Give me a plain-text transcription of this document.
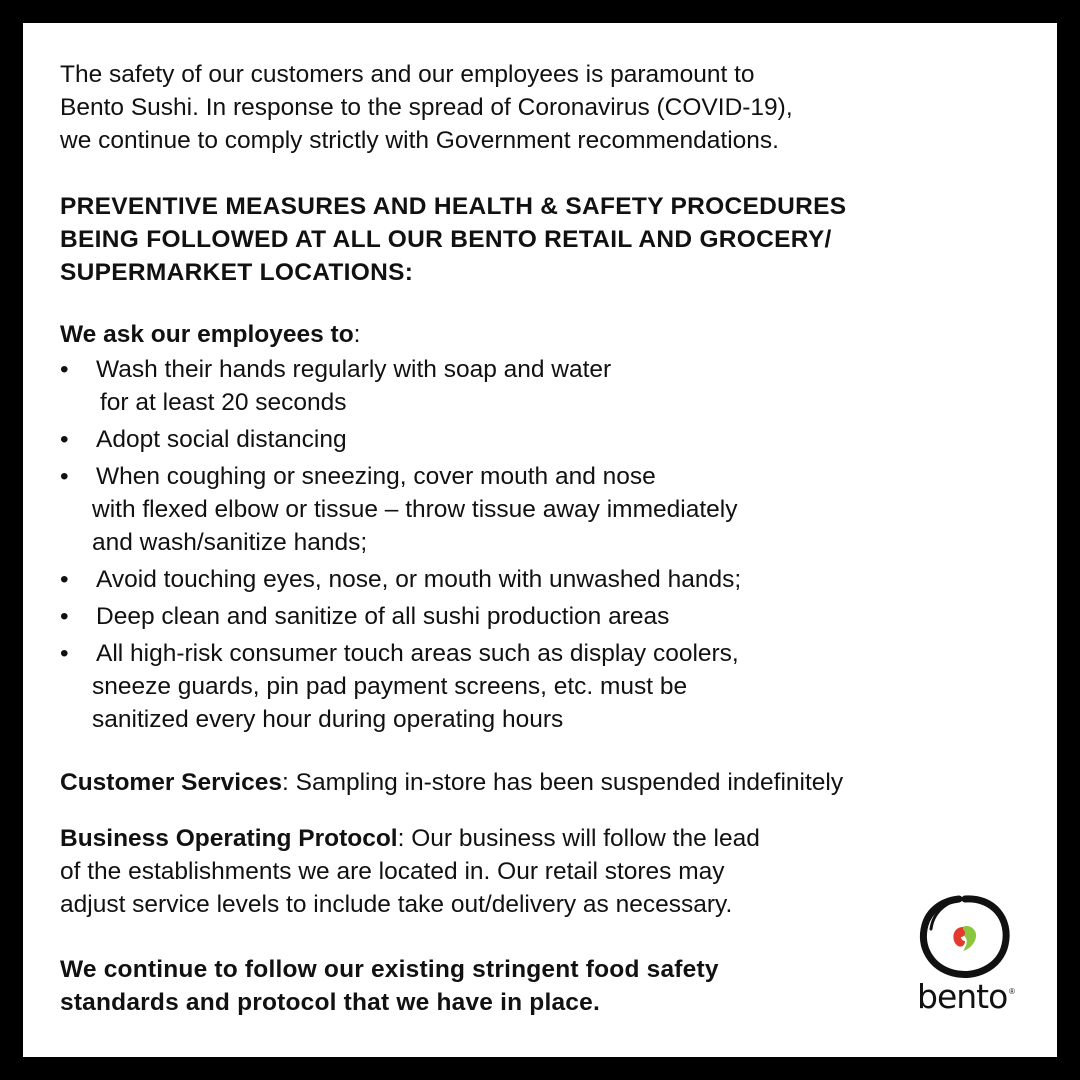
The safety of our customers and our employees is paramount to
Bento Sushi. In response to the spread of Coronavirus (COVID-19),
we continue to comply strictly with Government recommendations.

PREVENTIVE MEASURES AND HEALTH & SAFETY PROCEDURES
BEING FOLLOWED AT ALL OUR BENTO RETAIL AND GROCERY/
SUPERMARKET LOCATIONS:

We ask our employees to:

• Wash their hands regularly with soap and water
for at least 20 seconds
• Adopt social distancing
• When coughing or sneezing, cover mouth and nose
with flexed elbow or tissue – throw tissue away immediately
and wash/sanitize hands;
• Avoid touching eyes, nose, or mouth with unwashed hands;
• Deep clean and sanitize of all sushi production areas
• All high-risk consumer touch areas such as display coolers,
sneeze guards, pin pad payment screens, etc. must be
sanitized every hour during operating hours

Customer Services: Sampling in-store has been suspended indefinitely

Business Operating Protocol: Our business will follow the lead
of the establishments we are located in. Our retail stores may
adjust service levels to include take out/delivery as necessary.

We continue to follow our existing stringent food safety
standards and protocol that we have in place.	bento ®
